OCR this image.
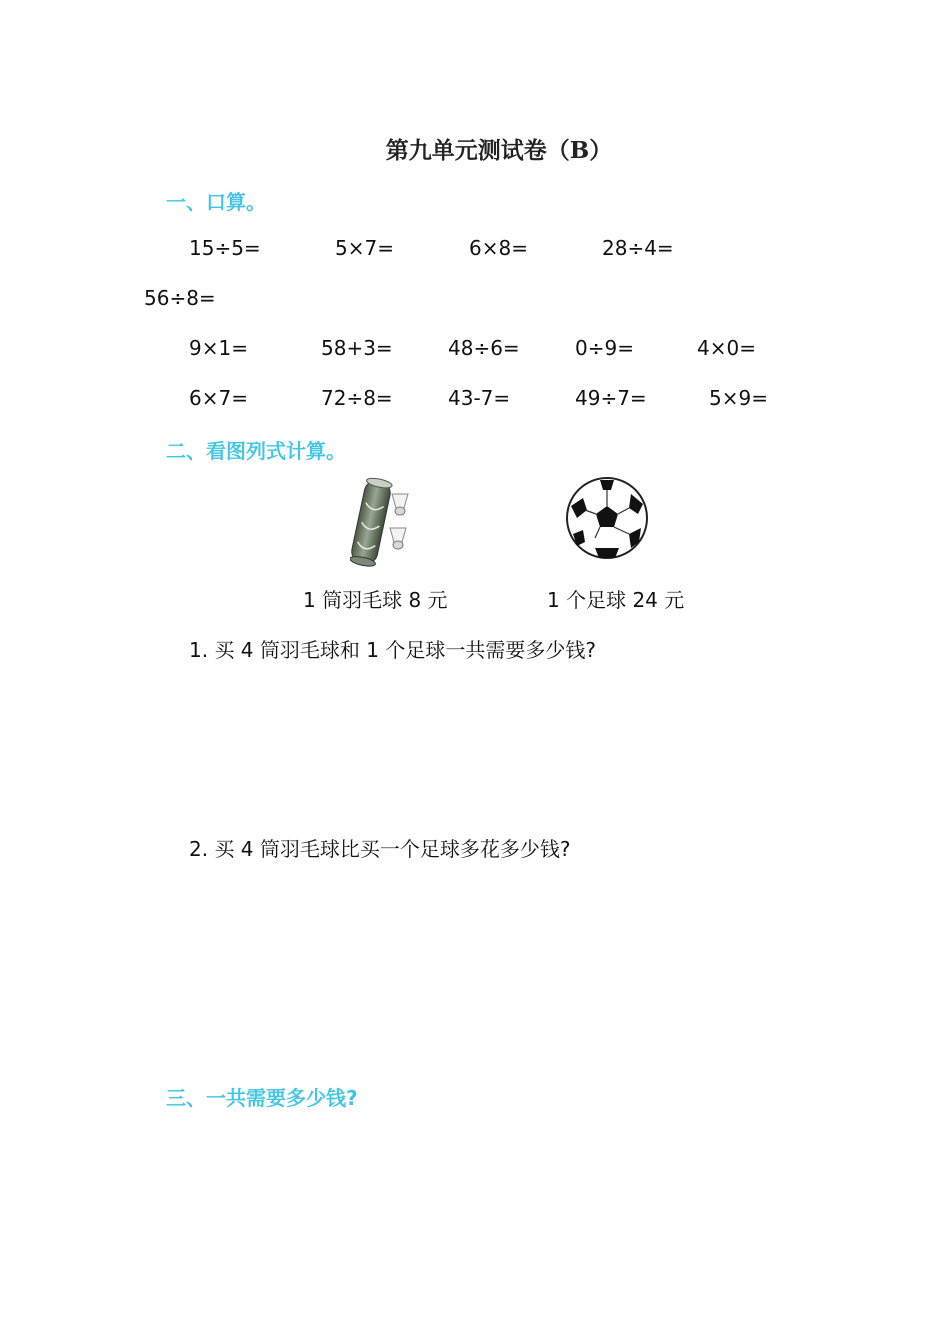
第九单元测试卷（B）
一、口算。
15÷5=	5×7=	6×8=	28÷4=
56÷8=
9×1=	58+3=	48÷6=	0÷9=	4×0=
6×7=	72÷8=	43-7=	49÷7=	5×9=
二、看图列式计算。
1 筒羽毛球 8 元	1 个足球 24 元
1. 买 4 筒羽毛球和 1 个足球一共需要多少钱?
2. 买 4 筒羽毛球比买一个足球多花多少钱?
三、一共需要多少钱?
